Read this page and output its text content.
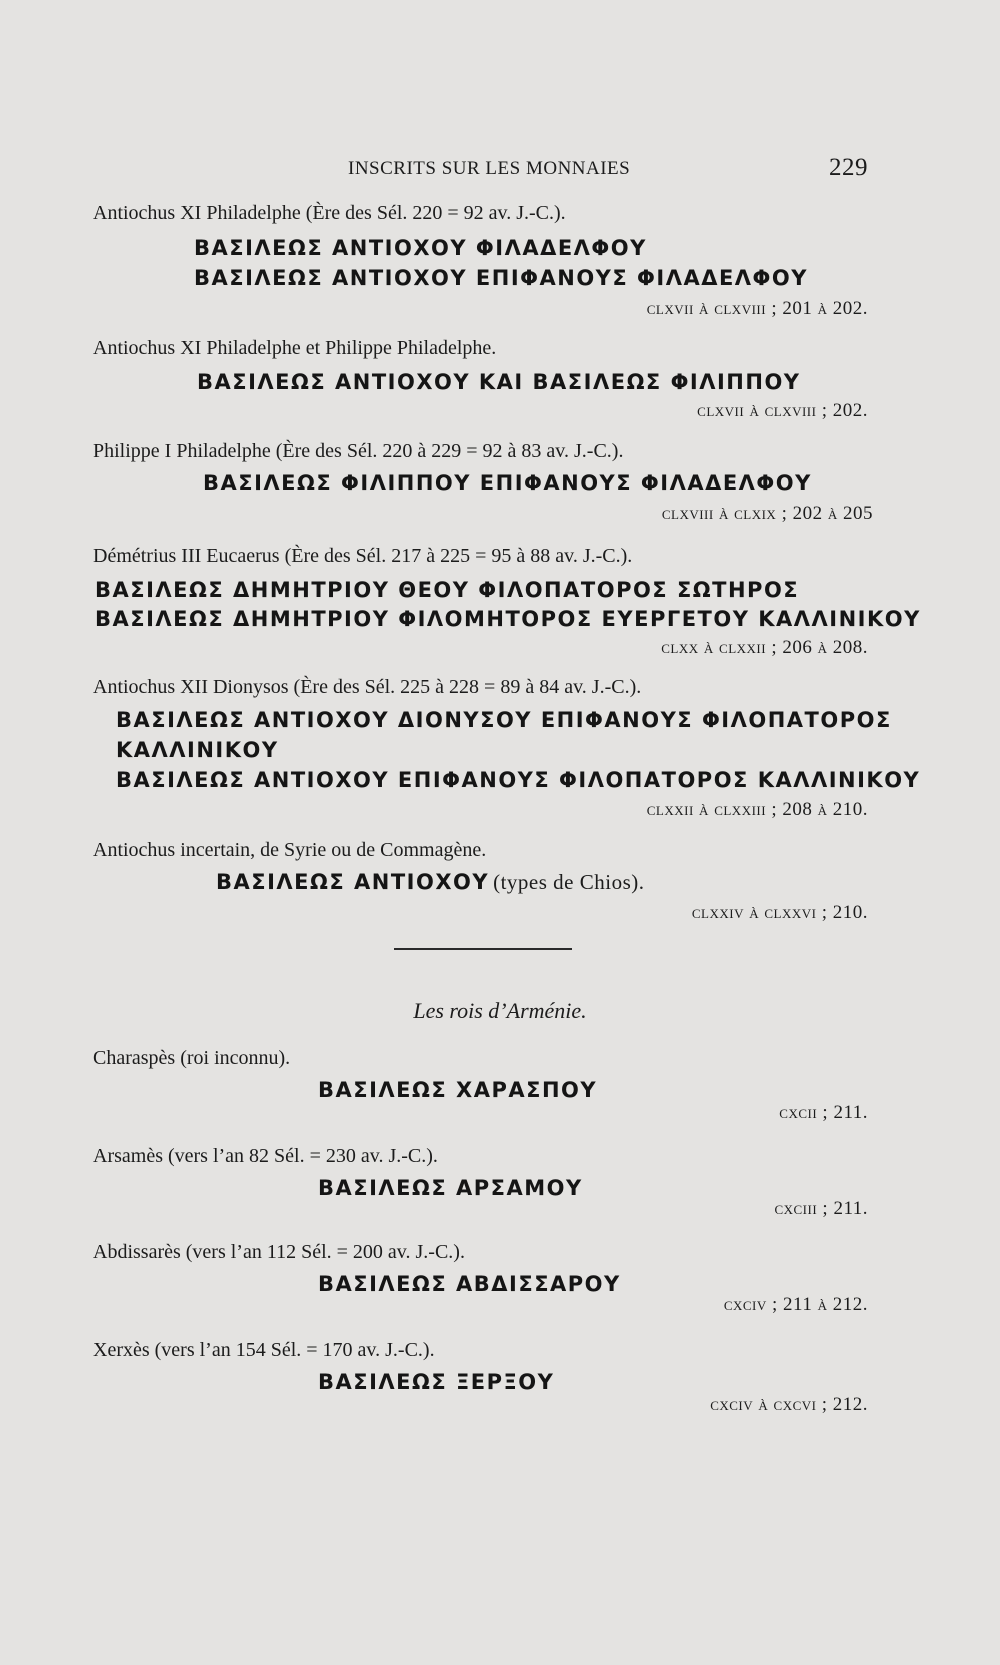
INSCRITS SUR LES MONNAIES	229
Antiochus XI Philadelphe (Ère des Sél. 220 = 92 av. J.-C.).
ΒΑΣΙΛΕΩΣ ΑΝΤΙΟΧΟΥ ΦΙΛΑΔΕΛΦΟΥ
ΒΑΣΙΛΕΩΣ ΑΝΤΙΟΧΟΥ ΕΠΙΦΑΝΟΥΣ ΦΙΛΑΔΕΛΦΟΥ
clxvii à clxviii ; 201 à 202.
Antiochus XI Philadelphe et Philippe Philadelphe.
ΒΑΣΙΛΕΩΣ ΑΝΤΙΟΧΟΥ ΚΑΙ ΒΑΣΙΛΕΩΣ ΦΙΛΙΠΠΟΥ
clxvii à clxviii ; 202.
Philippe I Philadelphe (Ère des Sél. 220 à 229 = 92 à 83 av. J.-C.).
ΒΑΣΙΛΕΩΣ ΦΙΛΙΠΠΟΥ ΕΠΙΦΑΝΟΥΣ ΦΙΛΑΔΕΛΦΟΥ
clxviii à clxix ; 202 à 205
Démétrius III Eucaerus (Ère des Sél. 217 à 225 = 95 à 88 av. J.-C.).
ΒΑΣΙΛΕΩΣ ΔΗΜΗΤΡΙΟΥ ΘΕΟΥ ΦΙΛΟΠΑΤΟΡΟΣ ΣΩΤΗΡΟΣ
ΒΑΣΙΛΕΩΣ ΔΗΜΗΤΡΙΟΥ ΦΙΛΟΜΗΤΟΡΟΣ ΕΥΕΡΓΕΤΟΥ ΚΑΛΛΙΝΙΚΟΥ
clxx à clxxii ; 206 à 208.
Antiochus XII Dionysos (Ère des Sél. 225 à 228 = 89 à 84 av. J.-C.).
ΒΑΣΙΛΕΩΣ ΑΝΤΙΟΧΟΥ ΔΙΟΝΥΣΟΥ ΕΠΙΦΑΝΟΥΣ ΦΙΛΟΠΑΤΟΡΟΣ
ΚΑΛΛΙΝΙΚΟΥ
ΒΑΣΙΛΕΩΣ ΑΝΤΙΟΧΟΥ ΕΠΙΦΑΝΟΥΣ ΦΙΛΟΠΑΤΟΡΟΣ ΚΑΛΛΙΝΙΚΟΥ
clxxii à clxxiii ; 208 à 210.
Antiochus incertain, de Syrie ou de Commagène.
ΒΑΣΙΛΕΩΣ ΑΝΤΙΟΧΟΥ (types de Chios).
clxxiv à clxxvi ; 210.
Les rois d’Arménie.
Charaspès (roi inconnu).
ΒΑΣΙΛΕΩΣ ΧΑΡΑΣΠΟΥ
cxcii ; 211.
Arsamès (vers l’an 82 Sél. = 230 av. J.-C.).
ΒΑΣΙΛΕΩΣ ΑΡΣΑΜΟΥ
cxciii ; 211.
Abdissarès (vers l’an 112 Sél. = 200 av. J.-C.).
ΒΑΣΙΛΕΩΣ ΑΒΔΙΣΣΑΡΟΥ
cxciv ; 211 à 212.
Xerxès (vers l’an 154 Sél. = 170 av. J.-C.).
ΒΑΣΙΛΕΩΣ ΞΕΡΞΟΥ
cxciv à cxcvi ; 212.
